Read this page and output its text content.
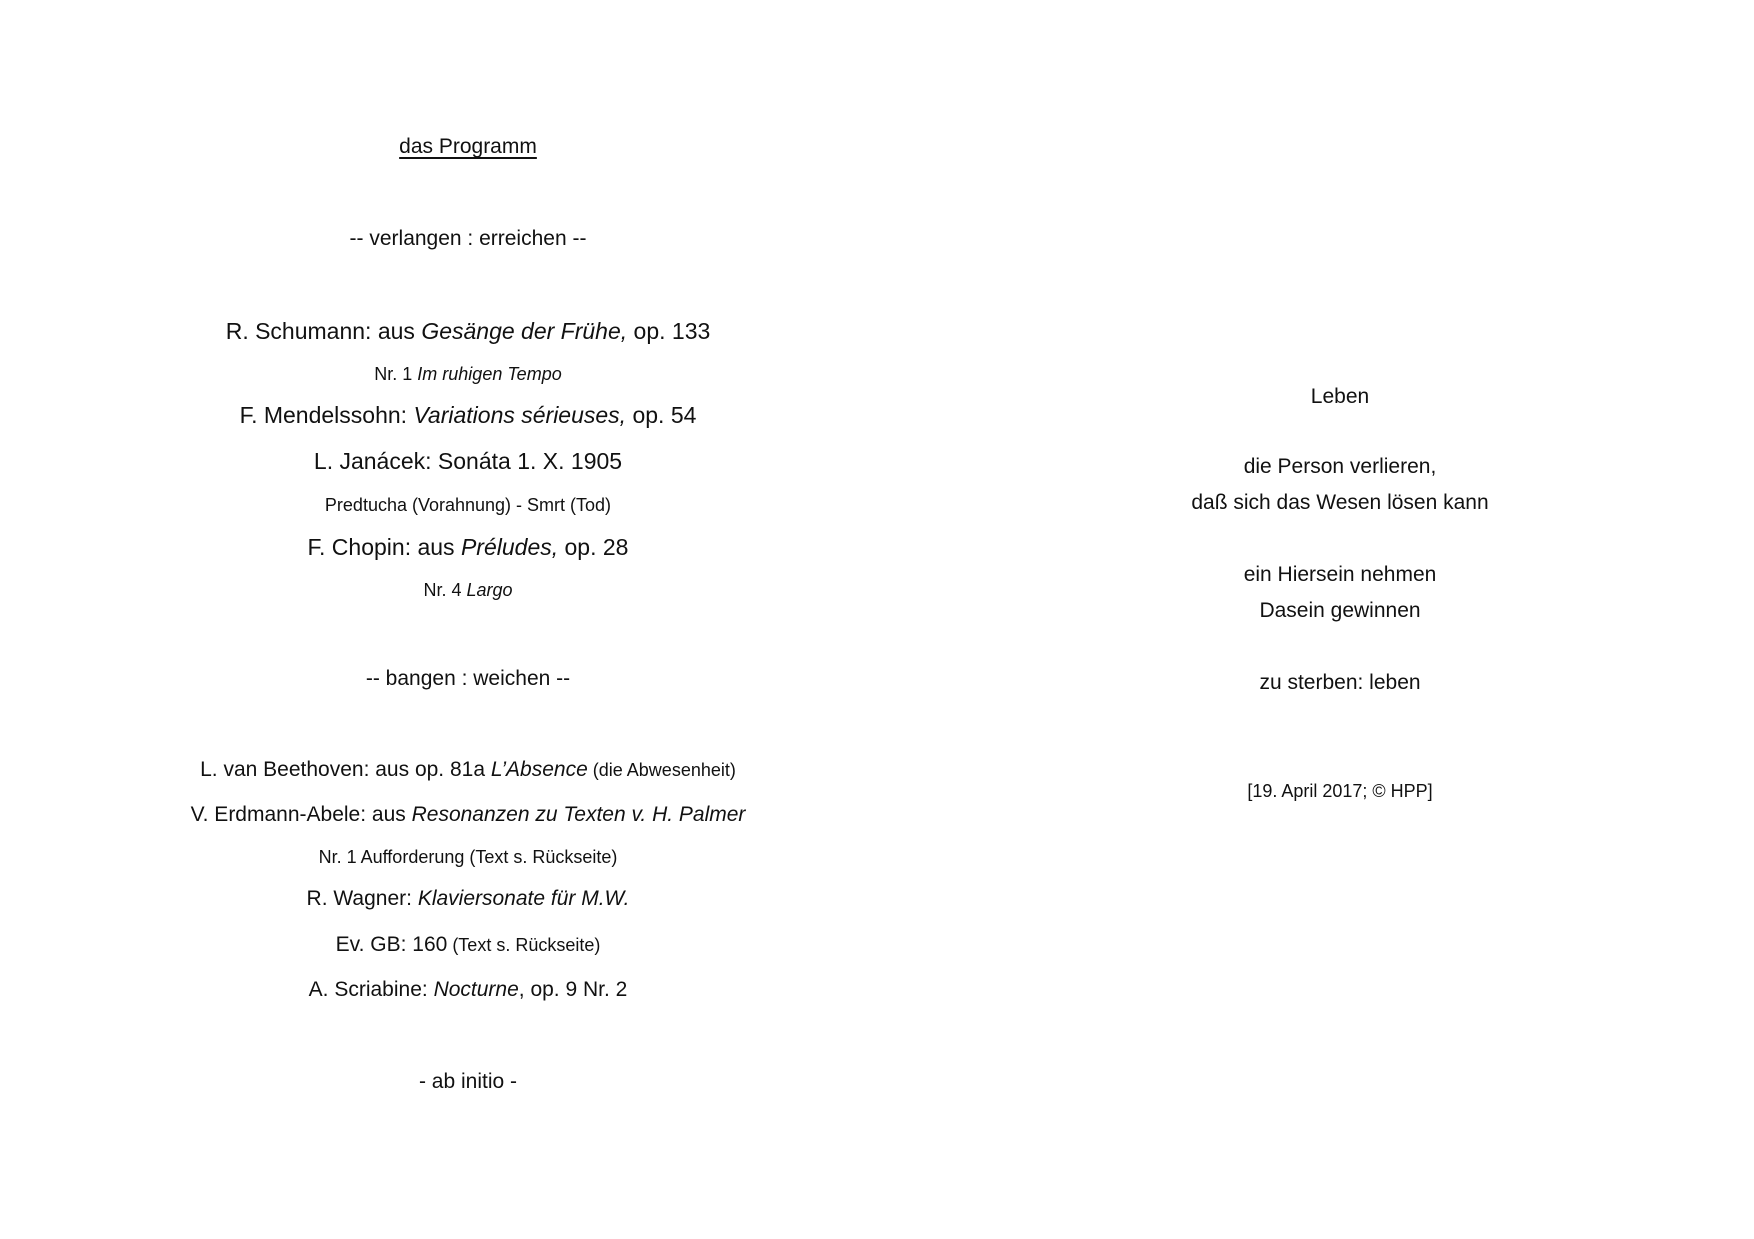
das Programm
-- verlangen : erreichen --
R. Schumann: aus Gesänge der Frühe, op. 133
Nr. 1 Im ruhigen Tempo
F. Mendelssohn: Variations sérieuses, op. 54
L. Janácek: Sonáta 1. X. 1905
Predtucha (Vorahnung) - Smrt (Tod)
F. Chopin: aus Préludes, op. 28
Nr. 4 Largo
-- bangen : weichen --
L. van Beethoven: aus op. 81a L’Absence (die Abwesenheit)
V. Erdmann-Abele: aus Resonanzen zu Texten v. H. Palmer
Nr. 1 Aufforderung (Text s. Rückseite)
R. Wagner: Klaviersonate für M.W.
Ev. GB: 160 (Text s. Rückseite)
A. Scriabine: Nocturne, op. 9 Nr. 2
- ab initio -
Leben
die Person verlieren,
daß sich das Wesen lösen kann
ein Hiersein nehmen
Dasein gewinnen
zu sterben: leben
[19. April 2017; © HPP]
